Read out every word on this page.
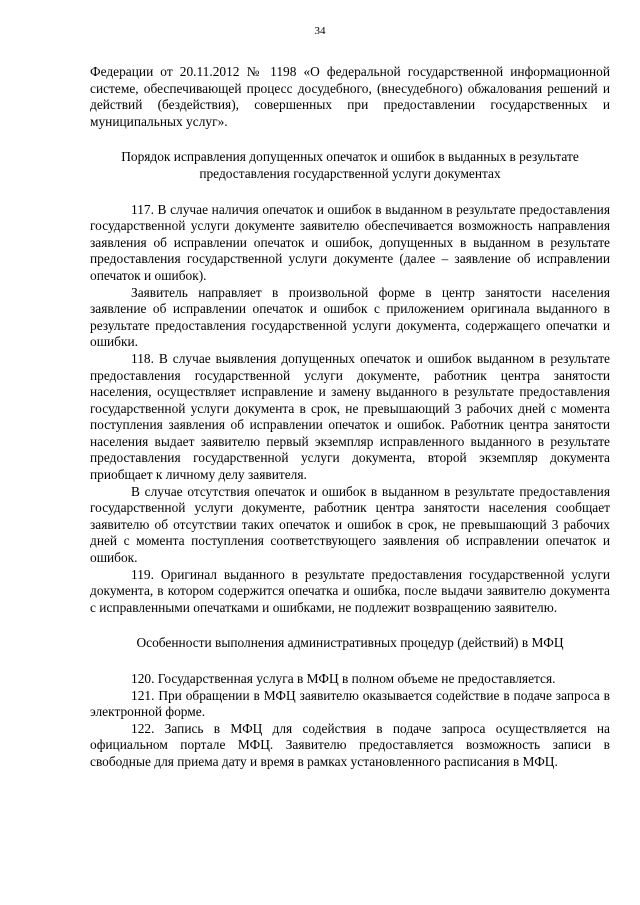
34

Федерации от 20.11.2012 № 1198 «О федеральной государственной информационной системе, обеспечивающей процесс досудебного, (внесудебного) обжалования решений и действий (бездействия), совершенных при предоставлении государственных и муниципальных услуг».

Порядок исправления допущенных опечаток и ошибок в выданных в результате предоставления государственной услуги документах

117. В случае наличия опечаток и ошибок в выданном в результате предоставления государственной услуги документе заявителю обеспечивается возможность направления заявления об исправлении опечаток и ошибок, допущенных в выданном в результате предоставления государственной услуги документе (далее – заявление об исправлении опечаток и ошибок).

Заявитель направляет в произвольной форме в центр занятости населения заявление об исправлении опечаток и ошибок с приложением оригинала выданного в результате предоставления государственной услуги документа, содержащего опечатки и ошибки.

118. В случае выявления допущенных опечаток и ошибок выданном в результате предоставления государственной услуги документе, работник центра занятости населения, осуществляет исправление и замену выданного в результате предоставления государственной услуги документа в срок, не превышающий 3 рабочих дней с момента поступления заявления об исправлении опечаток и ошибок. Работник центра занятости населения выдает заявителю первый экземпляр исправленного выданного в результате предоставления государственной услуги документа, второй экземпляр документа приобщает к личному делу заявителя.

В случае отсутствия опечаток и ошибок в выданном в результате предоставления государственной услуги документе, работник центра занятости населения сообщает заявителю об отсутствии таких опечаток и ошибок в срок, не превышающий 3 рабочих дней с момента поступления соответствующего заявления об исправлении опечаток и ошибок.

119. Оригинал выданного в результате предоставления государственной услуги документа, в котором содержится опечатка и ошибка, после выдачи заявителю документа с исправленными опечатками и ошибками, не подлежит возвращению заявителю.

Особенности выполнения административных процедур (действий) в МФЦ

120. Государственная услуга в МФЦ в полном объеме не предоставляется.

121. При обращении в МФЦ заявителю оказывается содействие в подаче запроса в электронной форме.

122. Запись в МФЦ для содействия в подаче запроса осуществляется на официальном портале МФЦ. Заявителю предоставляется возможность записи в свободные для приема дату и время в рамках установленного расписания в МФЦ.
